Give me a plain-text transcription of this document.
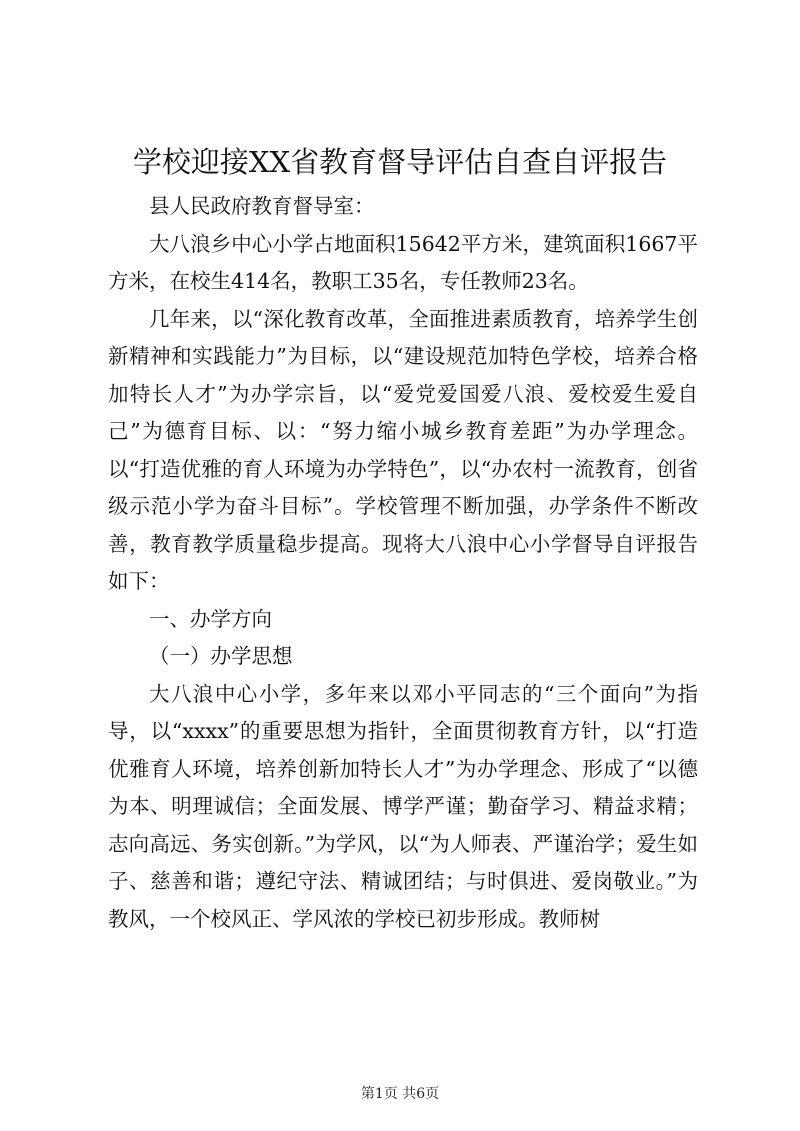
学校迎接XX省教育督导评估自查自评报告

县人民政府教育督导室：

大八浪乡中心小学占地面积15642平方米，建筑面积1667平方米，在校生414名，教职工35名，专任教师23名。

几年来，以“深化教育改革，全面推进素质教育，培养学生创新精神和实践能力”为目标，以“建设规范加特色学校，培养合格加特长人才”为办学宗旨，以“爱党爱国爱八浪、爱校爱生爱自己”为德育目标、以：“努力缩小城乡教育差距”为办学理念。以“打造优雅的育人环境为办学特色”，以“办农村一流教育，创省级示范小学为奋斗目标”。学校管理不断加强，办学条件不断改善，教育教学质量稳步提高。现将大八浪中心小学督导自评报告如下：

一、办学方向

（一）办学思想

大八浪中心小学，多年来以邓小平同志的“三个面向”为指导，以“xxxx”的重要思想为指针，全面贯彻教育方针，以“打造优雅育人环境，培养创新加特长人才”为办学理念、形成了“以德为本、明理诚信；全面发展、博学严谨；勤奋学习、精益求精；志向高远、务实创新。”为学风，以“为人师表、严谨治学；爱生如子、慈善和谐；遵纪守法、精诚团结；与时俱进、爱岗敬业。”为教风，一个校风正、学风浓的学校已初步形成。教师树

第1页 共6页
